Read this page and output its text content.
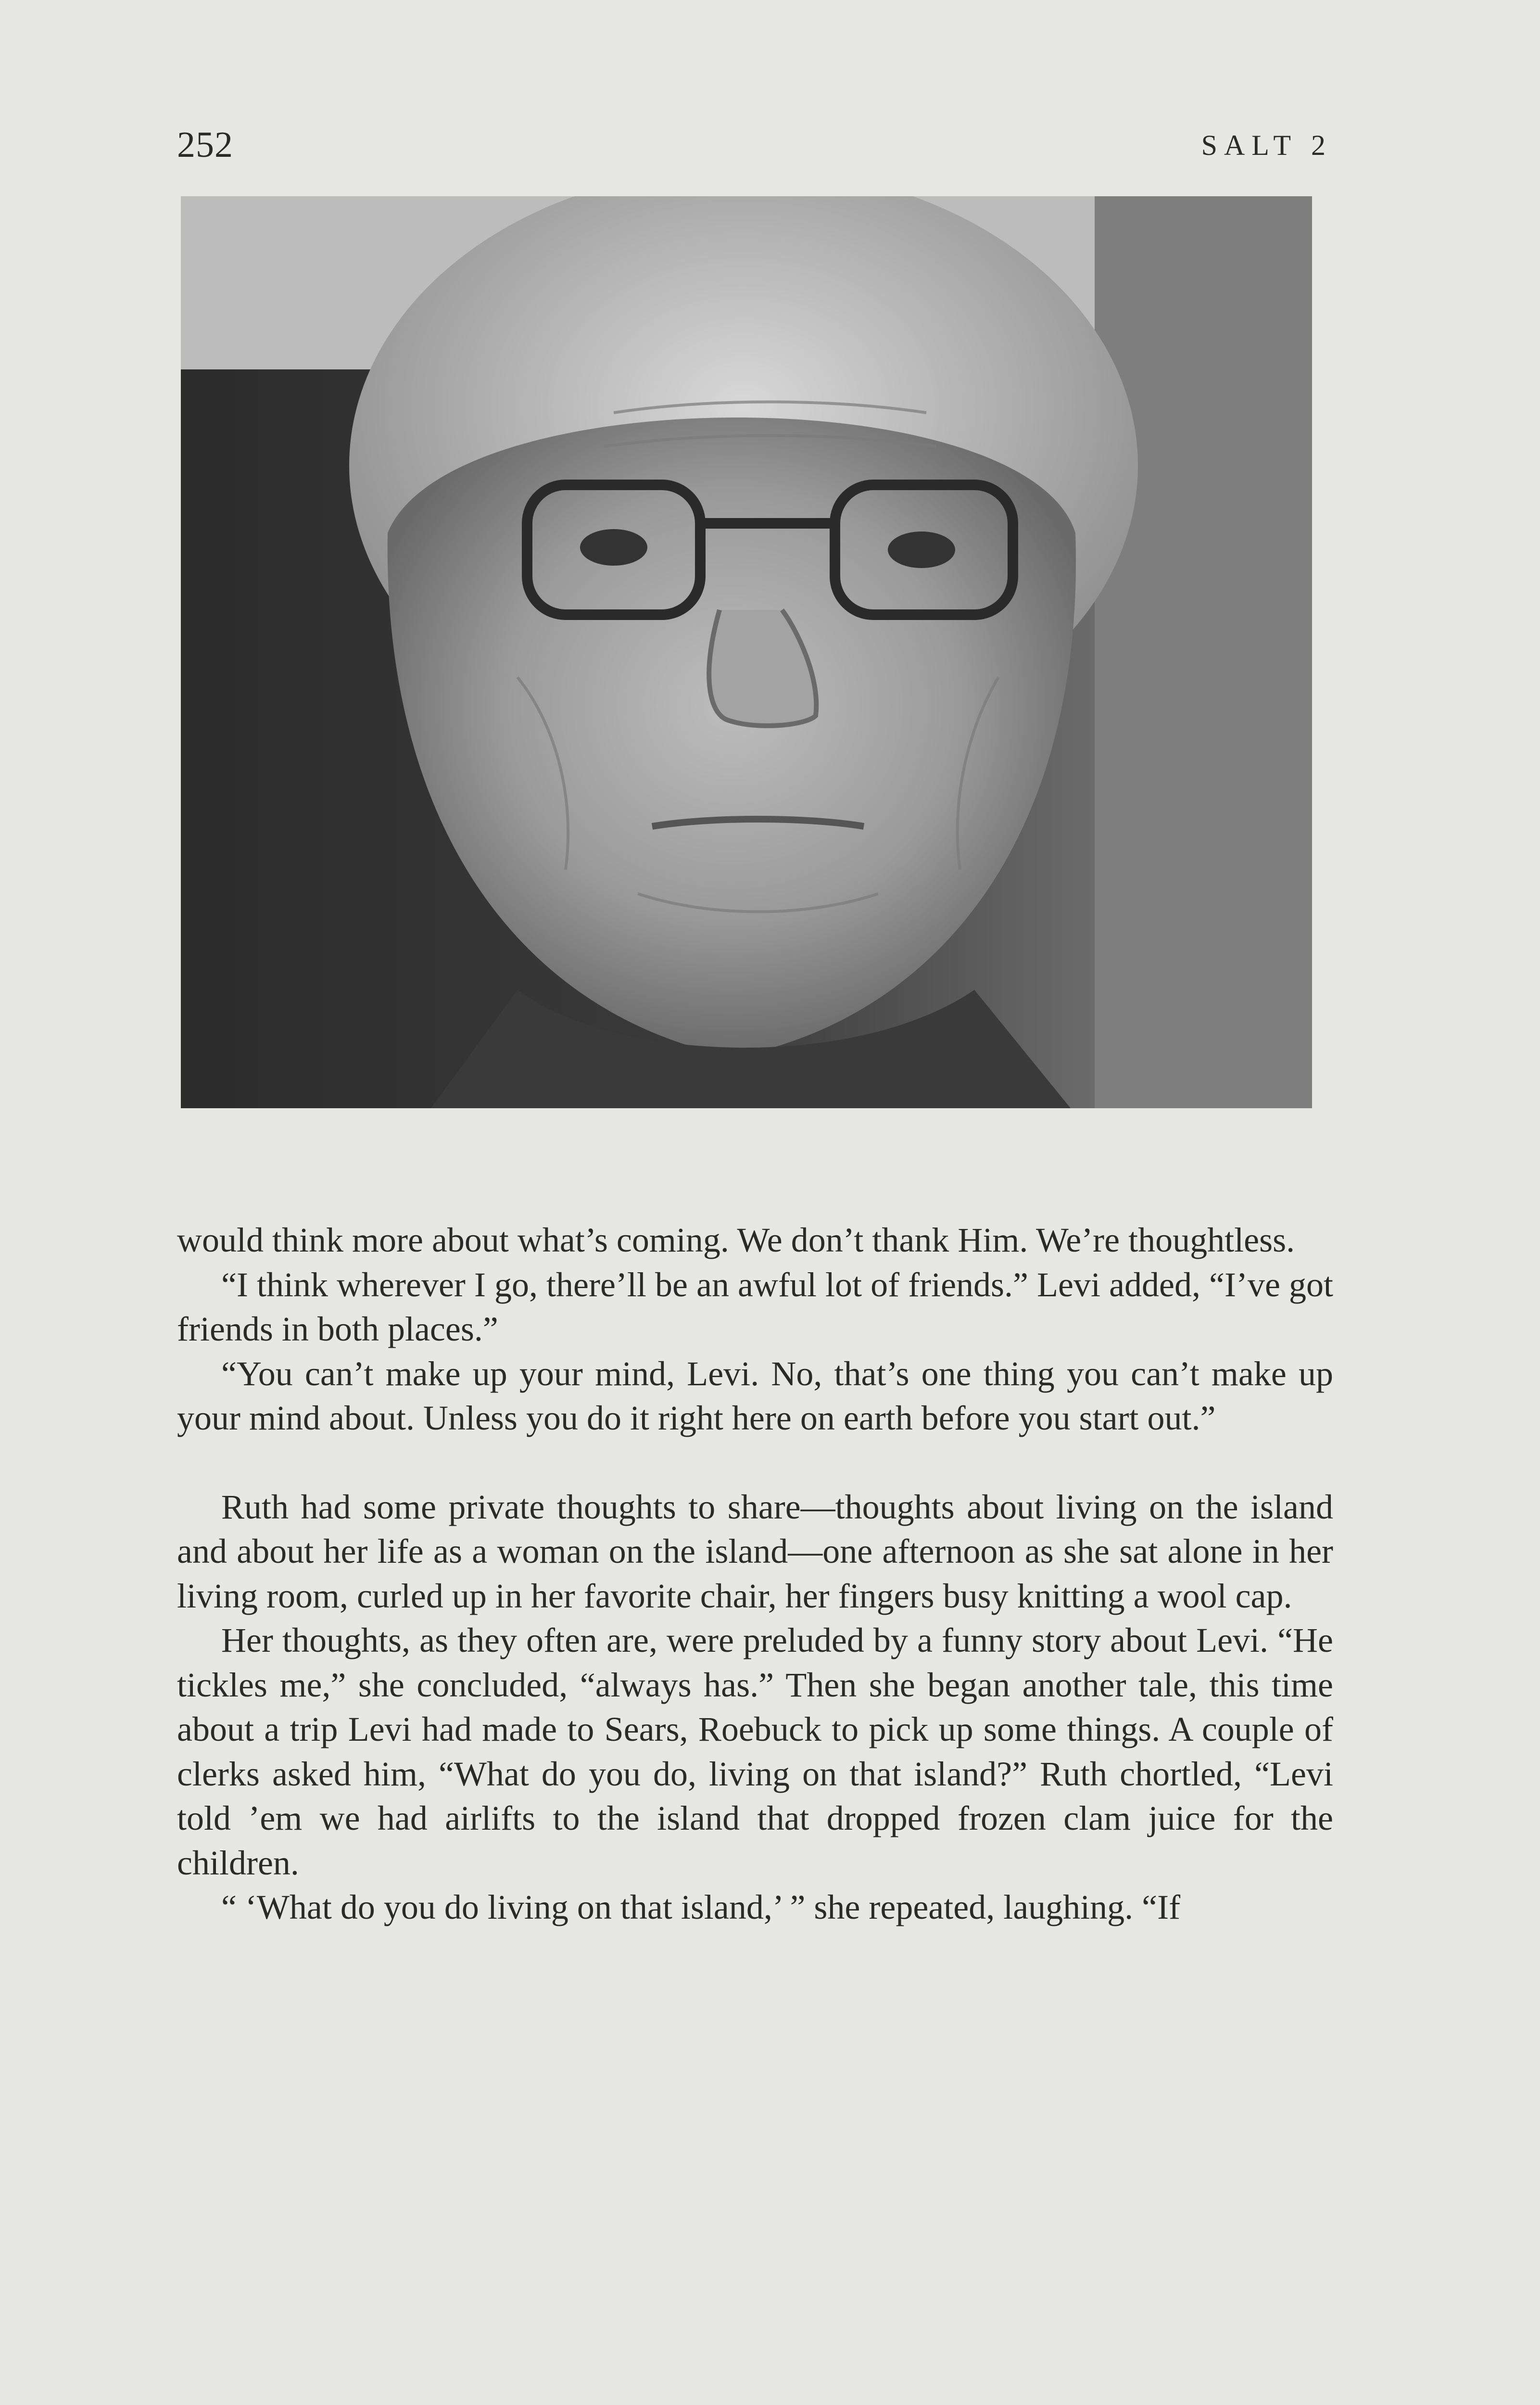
252	SALT 2

would think more about what’s coming. We don’t thank Him. We’re thoughtless.

“I think wherever I go, there’ll be an awful lot of friends.” Levi added, “I’ve got friends in both places.”

“You can’t make up your mind, Levi. No, that’s one thing you can’t make up your mind about. Unless you do it right here on earth before you start out.”

Ruth had some private thoughts to share—thoughts about living on the island and about her life as a woman on the island—one afternoon as she sat alone in her living room, curled up in her favorite chair, her fingers busy knitting a wool cap.

Her thoughts, as they often are, were preluded by a funny story about Levi. “He tickles me,” she concluded, “always has.” Then she began another tale, this time about a trip Levi had made to Sears, Roebuck to pick up some things. A couple of clerks asked him, “What do you do, living on that island?” Ruth chortled, “Levi told ’em we had airlifts to the island that dropped frozen clam juice for the children.

“ ‘What do you do living on that island,’ ” she repeated, laughing. “If
